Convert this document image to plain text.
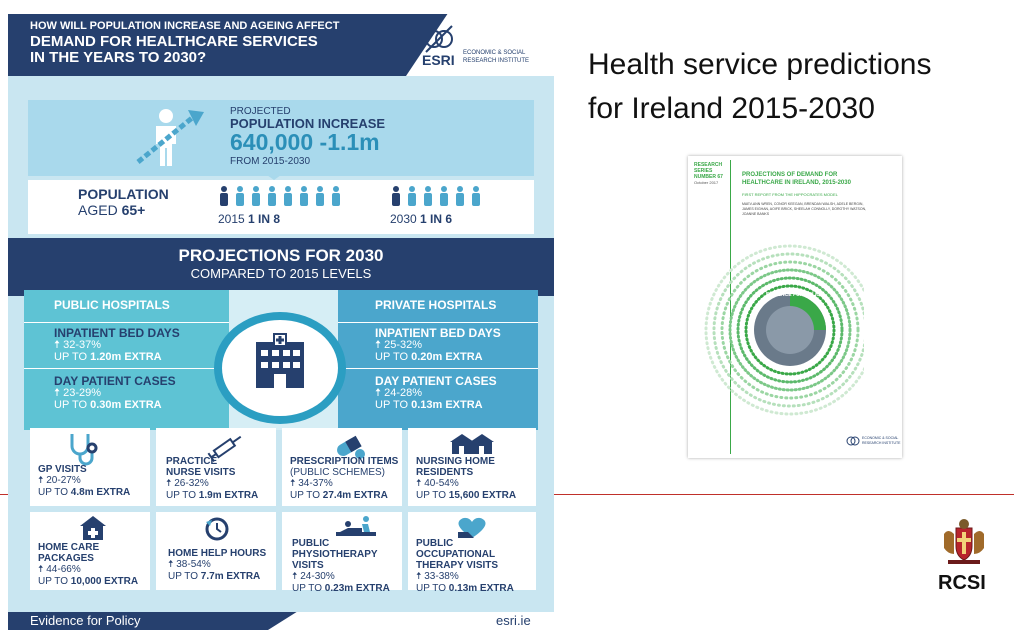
HOW WILL POPULATION INCREASE AND AGEING AFFECT
DEMAND FOR HEALTHCARE SERVICES
IN THE YEARS TO 2030?	ESRI ECONOMIC & SOCIAL
RESEARCH INSTITUTE
PROJECTED
POPULATION INCREASE
640,000 -1.1m
FROM 2015-2030
POPULATION
AGED 65+
2015 1 IN 8	2030 1 IN 6
PROJECTIONS FOR 2030
COMPARED TO 2015 LEVELS
PUBLIC HOSPITALS
INPATIENT BED DAYS
🠅 32-37%
UP TO 1.20m EXTRA
DAY PATIENT CASES
🠅 23-29%
UP TO 0.30m EXTRA
PRIVATE HOSPITALS
INPATIENT BED DAYS
🠅 25-32%
UP TO 0.20m EXTRA
DAY PATIENT CASES
🠅 24-28%
UP TO 0.13m EXTRA
GP VISITS
🠅 20-27%
UP TO 4.8m EXTRA
PRACTICE
NURSE VISITS
🠅 26-32%
UP TO 1.9m EXTRA
PRESCRIPTION ITEMS
(PUBLIC SCHEMES)
🠅 34-37%
UP TO 27.4m EXTRA
NURSING HOME
RESIDENTS
🠅 40-54%
UP TO 15,600 EXTRA
HOME CARE
PACKAGES
🠅 44-66%
UP TO 10,000 EXTRA
HOME HELP HOURS
🠅 38-54%
UP TO 7.7m EXTRA
PUBLIC
PHYSIOTHERAPY
VISITS
🠅 24-30%
UP TO 0.23m EXTRA
PUBLIC
OCCUPATIONAL
THERAPY VISITS
🠅 33-38%
UP TO 0.13m EXTRA
Evidence for Policy	esri.ie
Health service predictions
for Ireland 2015-2030
RESEARCH
SERIES
NUMBER 67
October 2017
PROJECTIONS OF DEMAND FOR
HEALTHCARE IN IRELAND, 2015-2030
FIRST REPORT FROM THE HIPPOCRATES MODEL
MAEV-ANN WREN, CONOR KEEGAN, BRENDAN WALSH, ADELE BERGIN,
JAMES EIGHAN, AOIFE BRICK, SHEELAH CONNOLLY, DOROTHY WATSON,
JOANNE BANKS
EVIDENCE FOR POLICY
ECONOMIC & SOCIAL
RESEARCH INSTITUTE
RCSI
